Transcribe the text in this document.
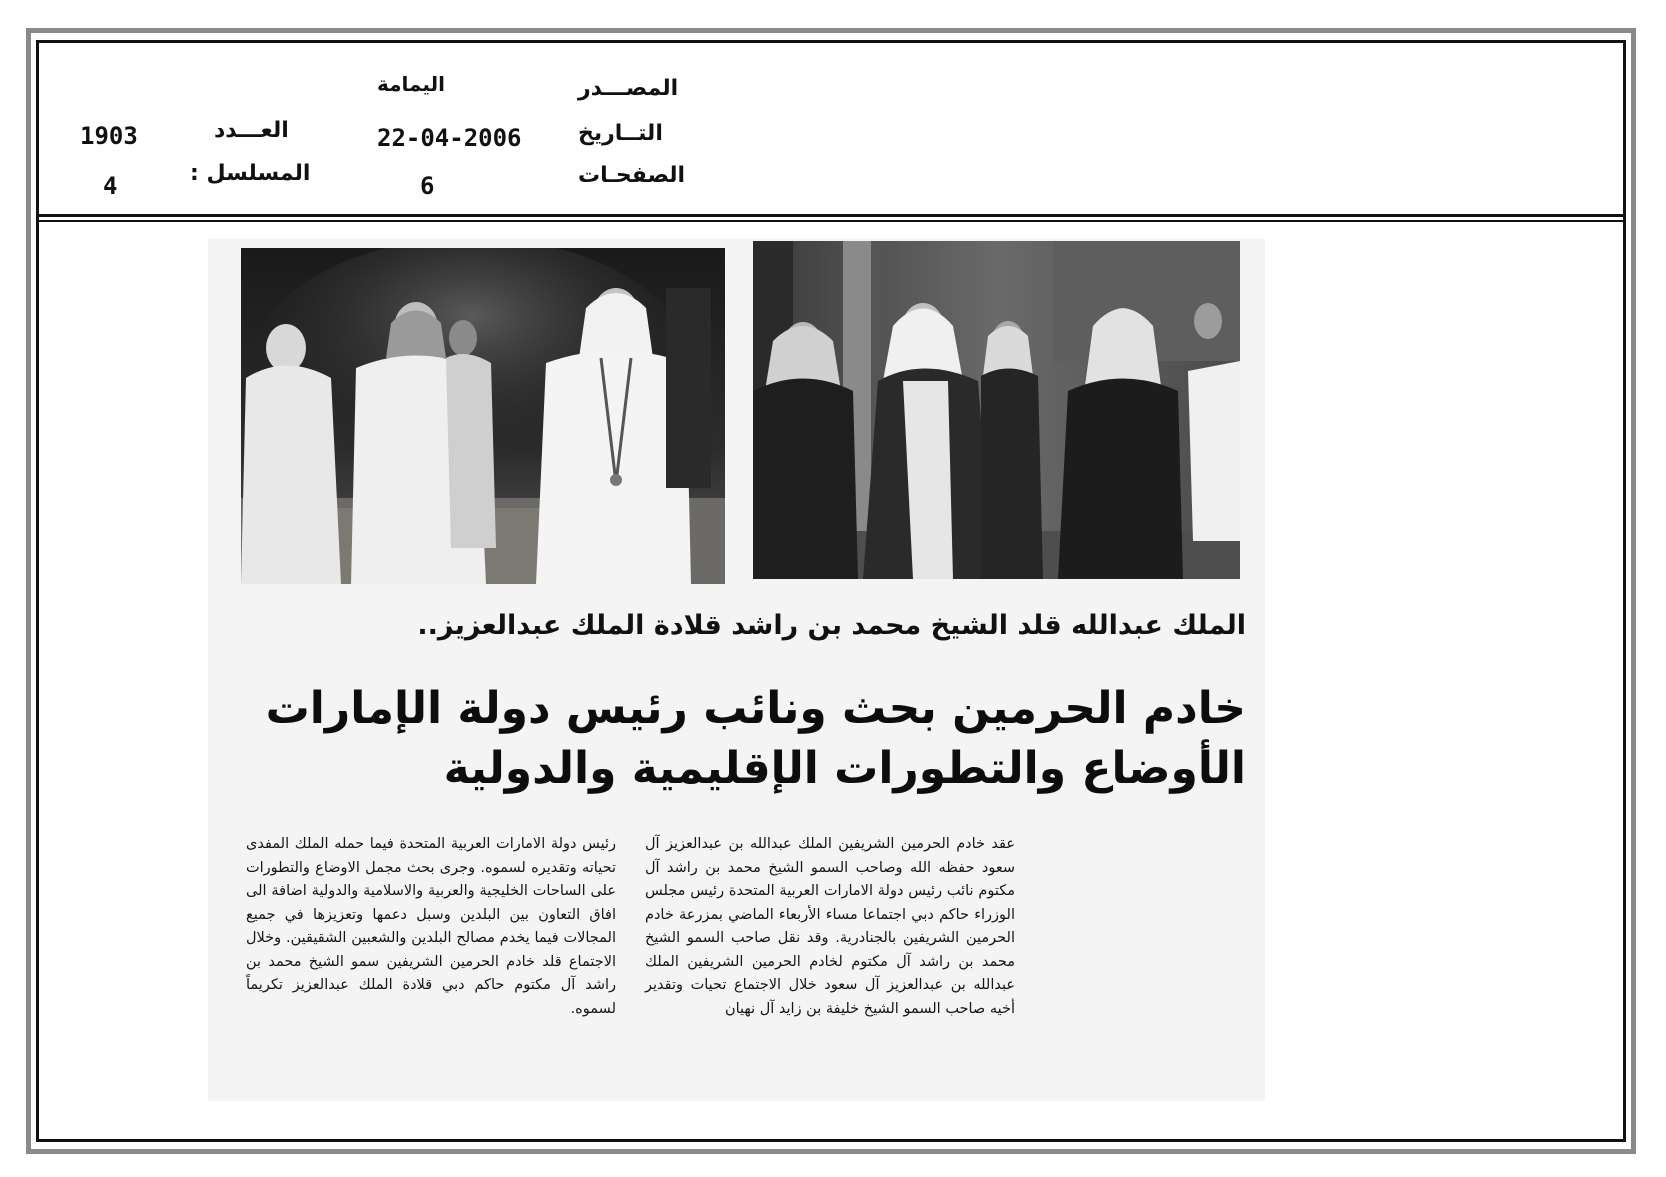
المصـــدر
اليمامة
التــاريخ
22-04-2006
الصفحـات
6
العـــدد
1903
المسلسل :
4
الملك عبدالله قلد الشيخ محمد بن راشد قلادة الملك عبدالعزيز..
خادم الحرمين بحث ونائب رئيس دولة الإمارات
الأوضاع والتطورات الإقليمية والدولية
عقد خادم الحرمين الشريفين الملك عبدالله بن عبدالعزيز آل سعود حفظه الله وصاحب السمو الشيخ محمد بن راشد آل مكتوم نائب رئيس دولة الامارات العربية المتحدة رئيس مجلس الوزراء حاكم دبي اجتماعا مساء الأربعاء الماضي بمزرعة خادم الحرمين الشريفين بالجنادرية. وقد نقل صاحب السمو الشيخ محمد بن راشد آل مكتوم لخادم الحرمين الشريفين الملك عبدالله بن عبدالعزيز آل سعود خلال الاجتماع تحيات وتقدير أخيه صاحب السمو الشيخ خليفة بن زايد آل نهيان
رئيس دولة الامارات العربية المتحدة فيما حمله الملك المفدى تحياته وتقديره لسموه. وجرى بحث مجمل الاوضاع والتطورات على الساحات الخليجية والعربية والاسلامية والدولية اضافة الى افاق التعاون بين البلدين وسبل دعمها وتعزيزها في جميع المجالات فيما يخدم مصالح البلدين والشعبين الشقيقين. وخلال الاجتماع قلد خادم الحرمين الشريفين سمو الشيخ محمد بن راشد آل مكتوم حاكم دبي قلادة الملك عبدالعزيز تكريماً لسموه.
